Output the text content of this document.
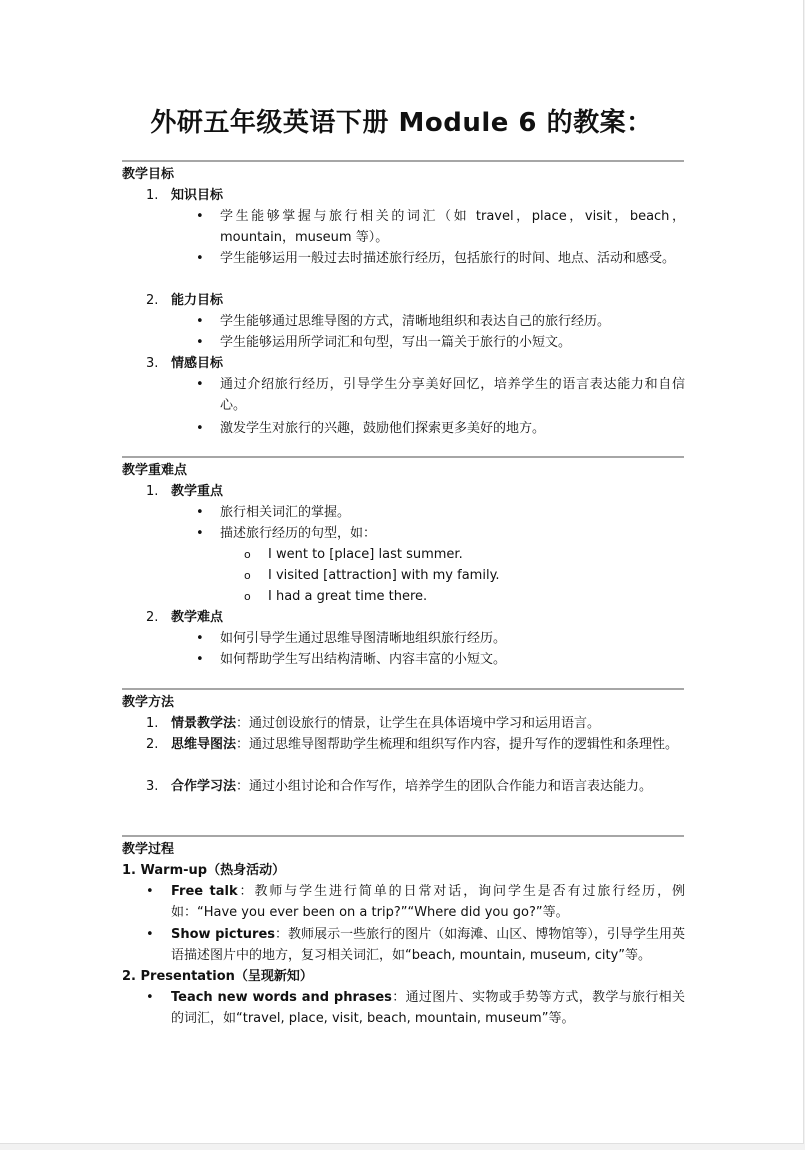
外研五年级英语下册 Module 6 的教案：
教学目标
1. 知识目标
• 学生能够掌握与旅行相关的词汇（如 travel，place，visit，beach，mountain，museum 等）。
• 学生能够运用一般过去时描述旅行经历，包括旅行的时间、地点、活动和感受。
2. 能力目标
• 学生能够通过思维导图的方式，清晰地组织和表达自己的旅行经历。
• 学生能够运用所学词汇和句型，写出一篇关于旅行的小短文。
3. 情感目标
• 通过介绍旅行经历，引导学生分享美好回忆，培养学生的语言表达能力和自信心。
• 激发学生对旅行的兴趣，鼓励他们探索更多美好的地方。
教学重难点
1. 教学重点
• 旅行相关词汇的掌握。
• 描述旅行经历的句型，如：
o I went to [place] last summer.
o I visited [attraction] with my family.
o I had a great time there.
2. 教学难点
• 如何引导学生通过思维导图清晰地组织旅行经历。
• 如何帮助学生写出结构清晰、内容丰富的小短文。
教学方法
1. 情景教学法：通过创设旅行的情景，让学生在具体语境中学习和运用语言。
2. 思维导图法：通过思维导图帮助学生梳理和组织写作内容，提升写作的逻辑性和条理性。
3. 合作学习法：通过小组讨论和合作写作，培养学生的团队合作能力和语言表达能力。
教学过程
1. Warm-up（热身活动）
• Free talk：教师与学生进行简单的日常对话，询问学生是否有过旅行经历，例如：“Have you ever been on a trip?”“Where did you go?”等。
• Show pictures：教师展示一些旅行的图片（如海滩、山区、博物馆等），引导学生用英语描述图片中的地方，复习相关词汇，如“beach, mountain, museum, city”等。
2. Presentation（呈现新知）
• Teach new words and phrases：通过图片、实物或手势等方式，教学与旅行相关的词汇，如“travel, place, visit, beach, mountain, museum”等。
